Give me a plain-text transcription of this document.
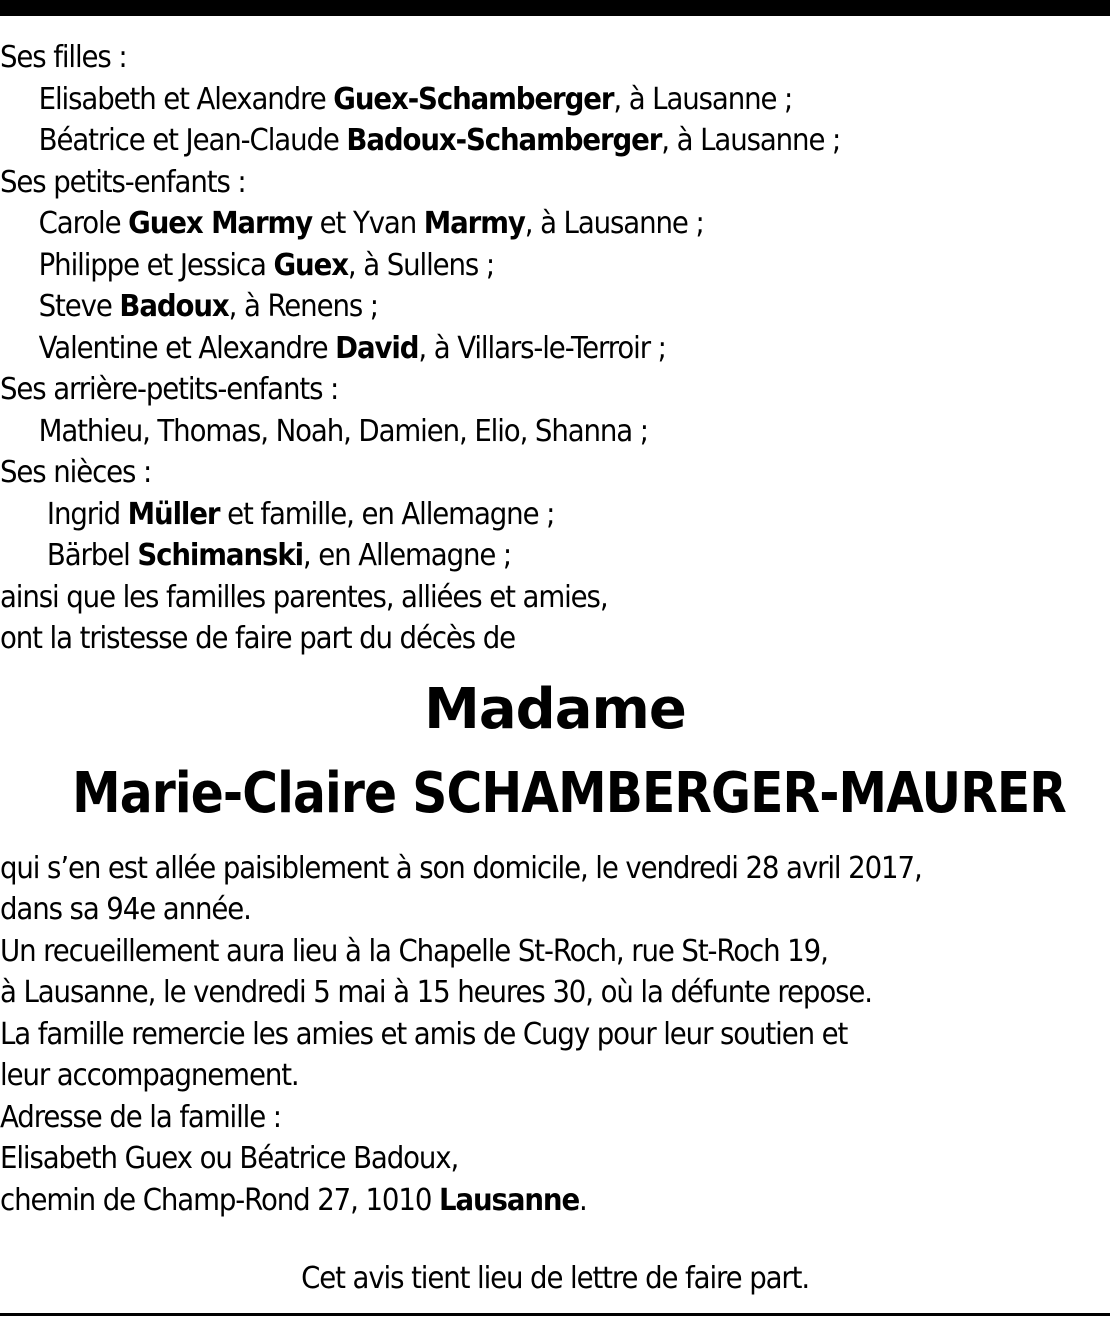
Ses filles :
Elisabeth et Alexandre Guex-Schamberger, à Lausanne ;
Béatrice et Jean-Claude Badoux-Schamberger, à Lausanne ;
Ses petits-enfants :
Carole Guex Marmy et Yvan Marmy, à Lausanne ;
Philippe et Jessica Guex, à Sullens ;
Steve Badoux, à Renens ;
Valentine et Alexandre David, à Villars-le-Terroir ;
Ses arrière-petits-enfants :
Mathieu, Thomas, Noah, Damien, Elio, Shanna ;
Ses nièces :
Ingrid Müller et famille, en Allemagne ;
Bärbel Schimanski, en Allemagne ;
ainsi que les familles parentes, alliées et amies,
ont la tristesse de faire part du décès de
Madame
Marie-Claire SCHAMBERGER-MAURER
qui s’en est allée paisiblement à son domicile, le vendredi 28 avril 2017,
dans sa 94e année.
Un recueillement aura lieu à la Chapelle St-Roch, rue St-Roch 19,
à Lausanne, le vendredi 5 mai à 15 heures 30, où la défunte repose.
La famille remercie les amies et amis de Cugy pour leur soutien et
leur accompagnement.
Adresse de la famille :
Elisabeth Guex ou Béatrice Badoux,
chemin de Champ-Rond 27, 1010 Lausanne.
Cet avis tient lieu de lettre de faire part.
